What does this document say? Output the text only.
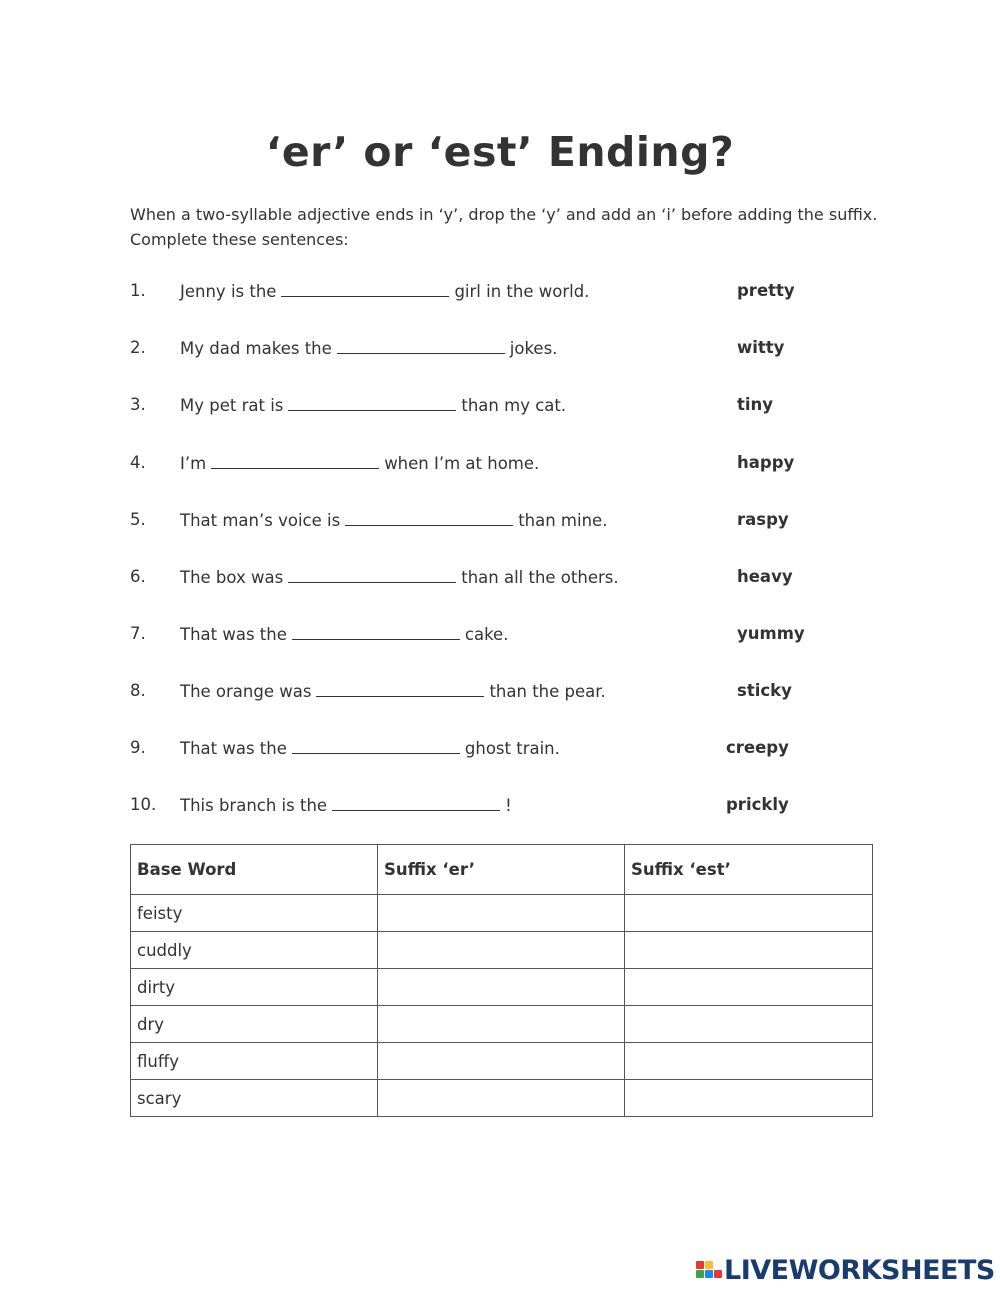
‘er’ or ‘est’ Ending?
When a two-syllable adjective ends in ‘y’, drop the ‘y’ and add an ‘i’ before adding the suffix.
Complete these sentences:
1. Jenny is the	girl in the world.	pretty
2. My dad makes the	jokes.	witty
3. My pet rat is	than my cat.	tiny
4. I’m	when I’m at home.	happy
5. That man’s voice is	than mine.	raspy
6. The box was	than all the others.	heavy
7. That was the	cake.	yummy
8. The orange was	than the pear.	sticky
9. That was the	ghost train.	creepy
10. This branch is the	!	prickly
Base Word	Suffix ‘er’	Suffix ‘est’
feisty		
cuddly		
dirty		
dry		
fluffy		
scary		
LIVEWORKSHEETS
